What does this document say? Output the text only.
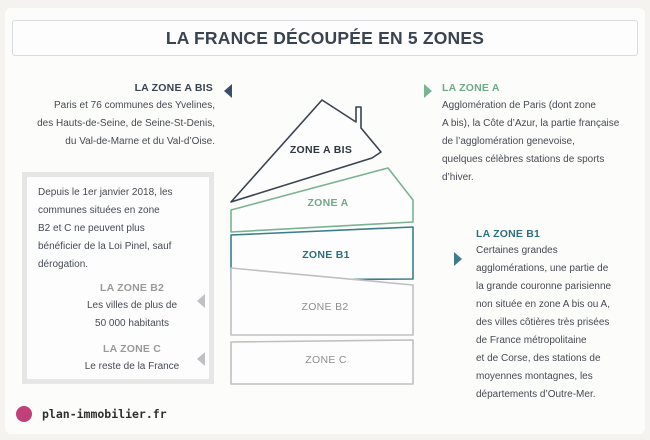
LA FRANCE DÉCOUPÉE EN 5 ZONES
LA ZONE A BIS
Paris et 76 communes des Yvelines,
des Hauts-de-Seine, de Seine-St-Denis,
du Val-de-Marne et du Val-d’Oise.
LA ZONE A
Agglomération de Paris (dont zone
A bis), la Côte d’Azur, la partie française
de l’agglomération genevoise,
quelques célèbres stations de sports
d’hiver.
Depuis le 1er janvier 2018, les
communes situées en zone
B2 et C ne peuvent plus
bénéficier de la Loi Pinel, sauf
dérogation.
LA ZONE B2
Les villes de plus de
50 000 habitants
LA ZONE C
Le reste de la France
LA ZONE B1
Certaines grandes
agglomérations, une partie de
la grande couronne parisienne
non située en zone A bis ou A,
des villes côtières très prisées
de France métropolitaine
et de Corse, des stations de
moyennes montagnes, les
départements d’Outre-Mer.
ZONE A BIS
ZONE A
ZONE B1
ZONE B2
ZONE C
plan-immobilier.fr
